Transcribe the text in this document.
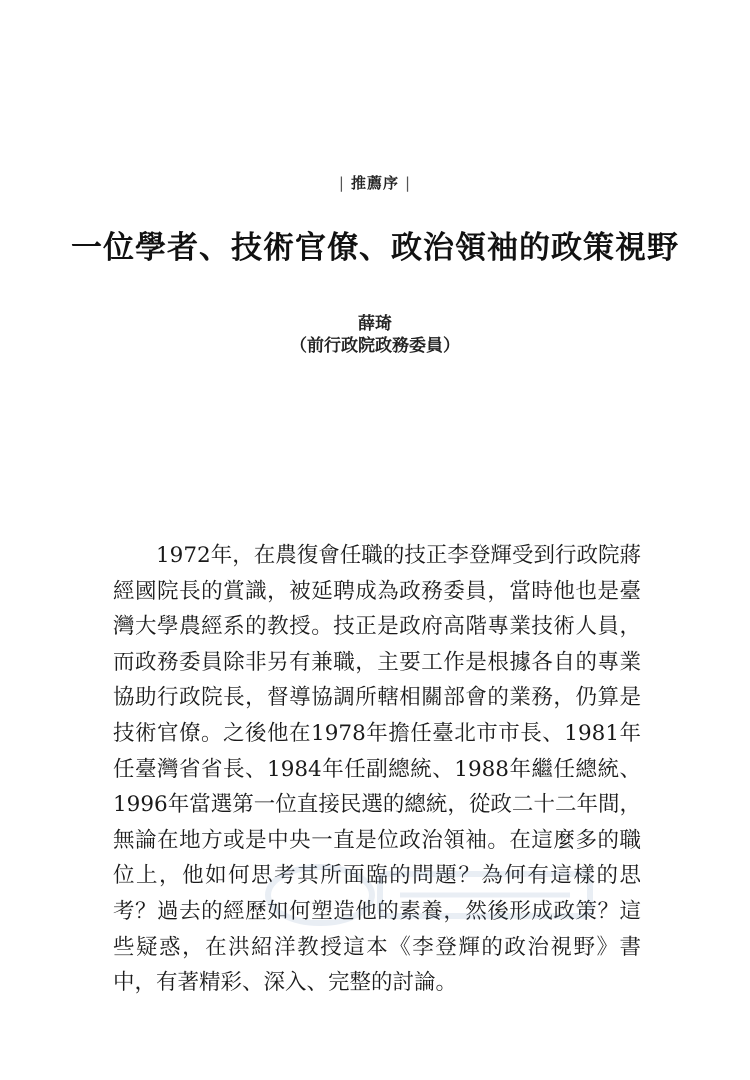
| 推薦序 |
一位學者、技術官僚、政治領袖的政策視野
薛琦
（前行政院政務委員）

1972年，在農復會任職的技正李登輝受到行政院蔣經國院長的賞識，被延聘成為政務委員，當時他也是臺灣大學農經系的教授。技正是政府高階專業技術人員，而政務委員除非另有兼職，主要工作是根據各自的專業協助行政院長，督導協調所轄相關部會的業務，仍算是技術官僚。之後他在1978年擔任臺北市市長、1981年任臺灣省省長、1984年任副總統、1988年繼任總統、1996年當選第一位直接民選的總統，從政二十二年間，無論在地方或是中央一直是位政治領袖。在這麼多的職位上，他如何思考其所面臨的問題？為何有這樣的思考？過去的經歷如何塑造他的素養，然後形成政策？這些疑惑，在洪紹洋教授這本《李登輝的政治視野》書中，有著精彩、深入、完整的討論。
